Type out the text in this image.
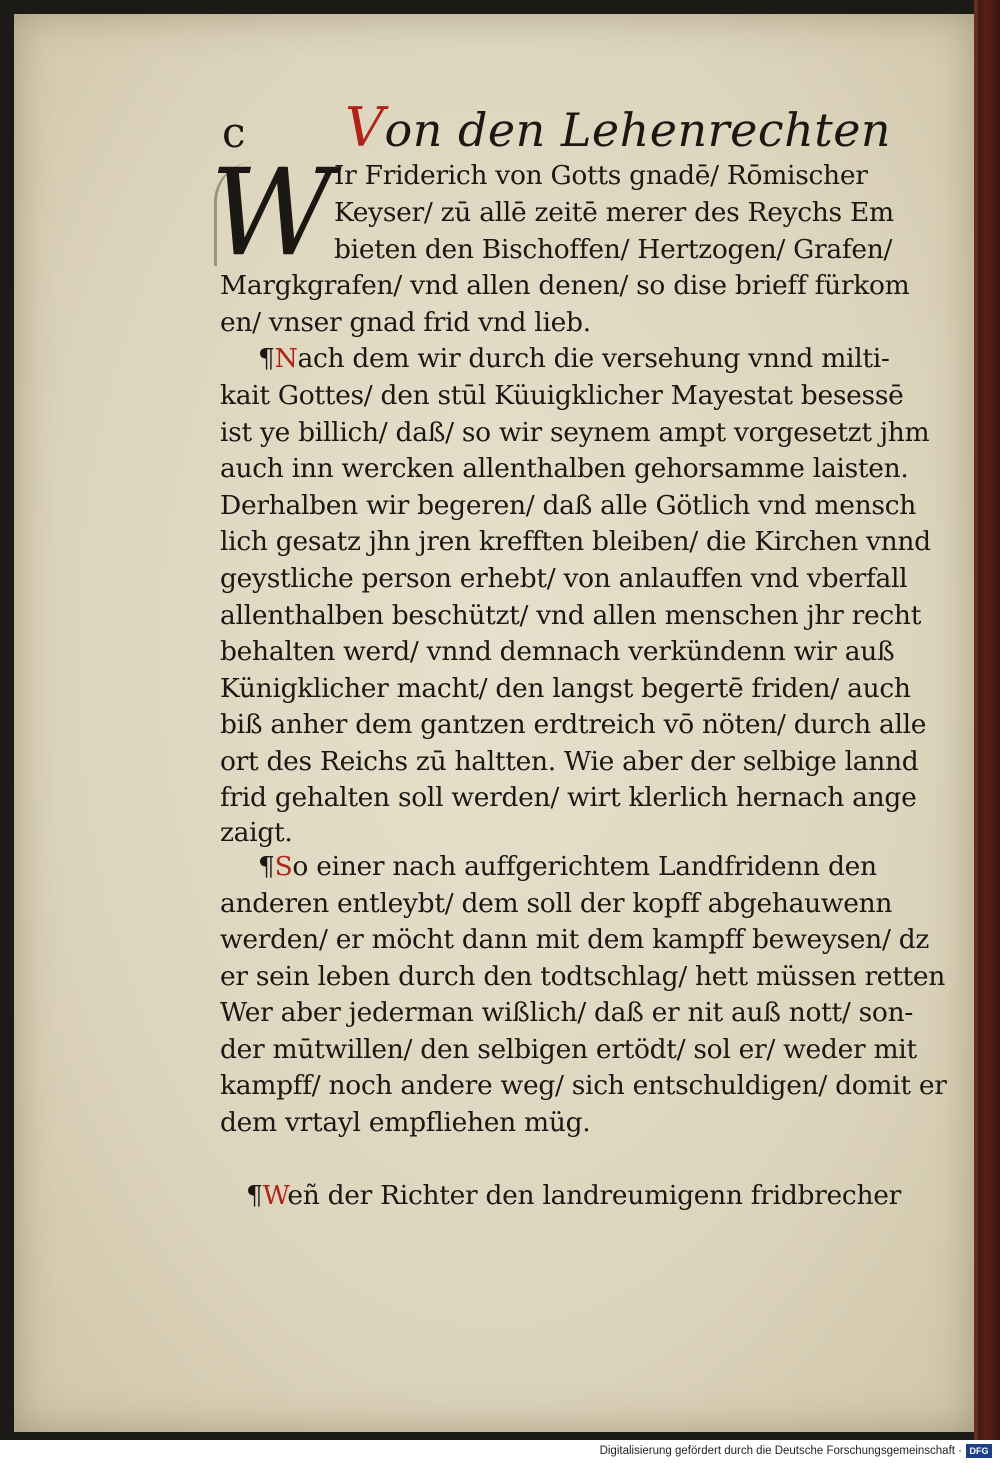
c Von den Lehenrechten
W Ir Friderich von Gotts gnadē/ Rōmischer
Keyser/ zū allē zeitē merer des Reychs Em
bieten den Bischoffen/ Hertzogen/ Grafen/
Margkgrafen/ vnd allen denen/ so dise brieff fürkom
en/ vnser gnad frid vnd lieb.
¶Nach dem wir durch die versehung vnnd milti‑
kait Gottes/ den stūl Küuigklicher Mayestat besessē
ist ye billich/ daß/ so wir seynem ampt vorgesetzt jhm
auch inn wercken allenthalben gehorsamme laisten.
Derhalben wir begeren/ daß alle Götlich vnd mensch
lich gesatz jhn jren krefften bleiben/ die Kirchen vnnd
geystliche person erhebt/ von anlauffen vnd vberfall
allenthalben beschützt/ vnd allen menschen jhr recht
behalten werd/ vnnd demnach verkündenn wir auß
Künigklicher macht/ den langst begertē friden/ auch
biß anher dem gantzen erdtreich vō nöten/ durch alle
ort des Reichs zū haltten. Wie aber der selbige lannd
frid gehalten soll werden/ wirt klerlich hernach ange
zaigt.
¶So einer nach auffgerichtem Landfridenn den
anderen entleybt/ dem soll der kopff abgehauwenn
werden/ er möcht dann mit dem kampff beweysen/ dz
er sein leben durch den todtschlag/ hett müssen retten
Wer aber jederman wißlich/ daß er nit auß nott/ son‑
der mūtwillen/ den selbigen ertödt/ sol er/ weder mit
kampff/ noch andere weg/ sich entschuldigen/ domit er
dem vrtayl empfliehen müg.
¶Weñ der Richter den landreumigenn fridbrecher
Digitalisierung gefördert durch die Deutsche Forschungsgemeinschaft · DFG
